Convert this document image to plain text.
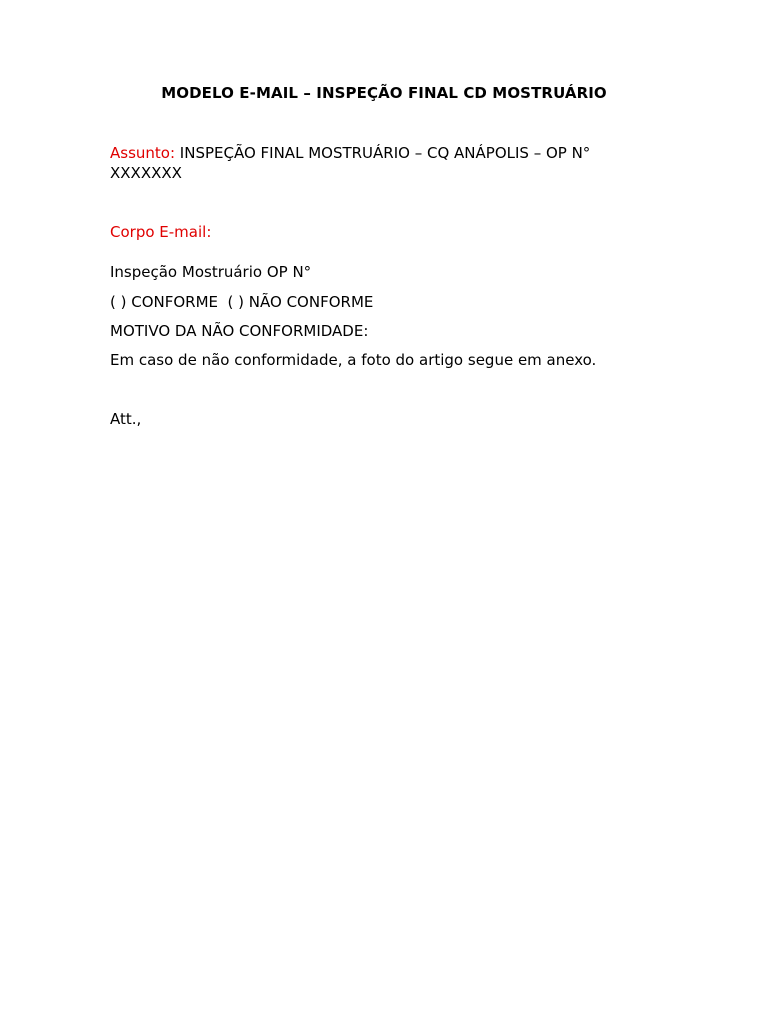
MODELO E-MAIL – INSPEÇÃO FINAL CD MOSTRUÁRIO
Assunto: INSPEÇÃO FINAL MOSTRUÁRIO – CQ ANÁPOLIS – OP N° XXXXXXX
Corpo E-mail:
Inspeção Mostruário OP N°
( ) CONFORME  ( ) NÃO CONFORME
MOTIVO DA NÃO CONFORMIDADE:
Em caso de não conformidade, a foto do artigo segue em anexo.
Att.,
